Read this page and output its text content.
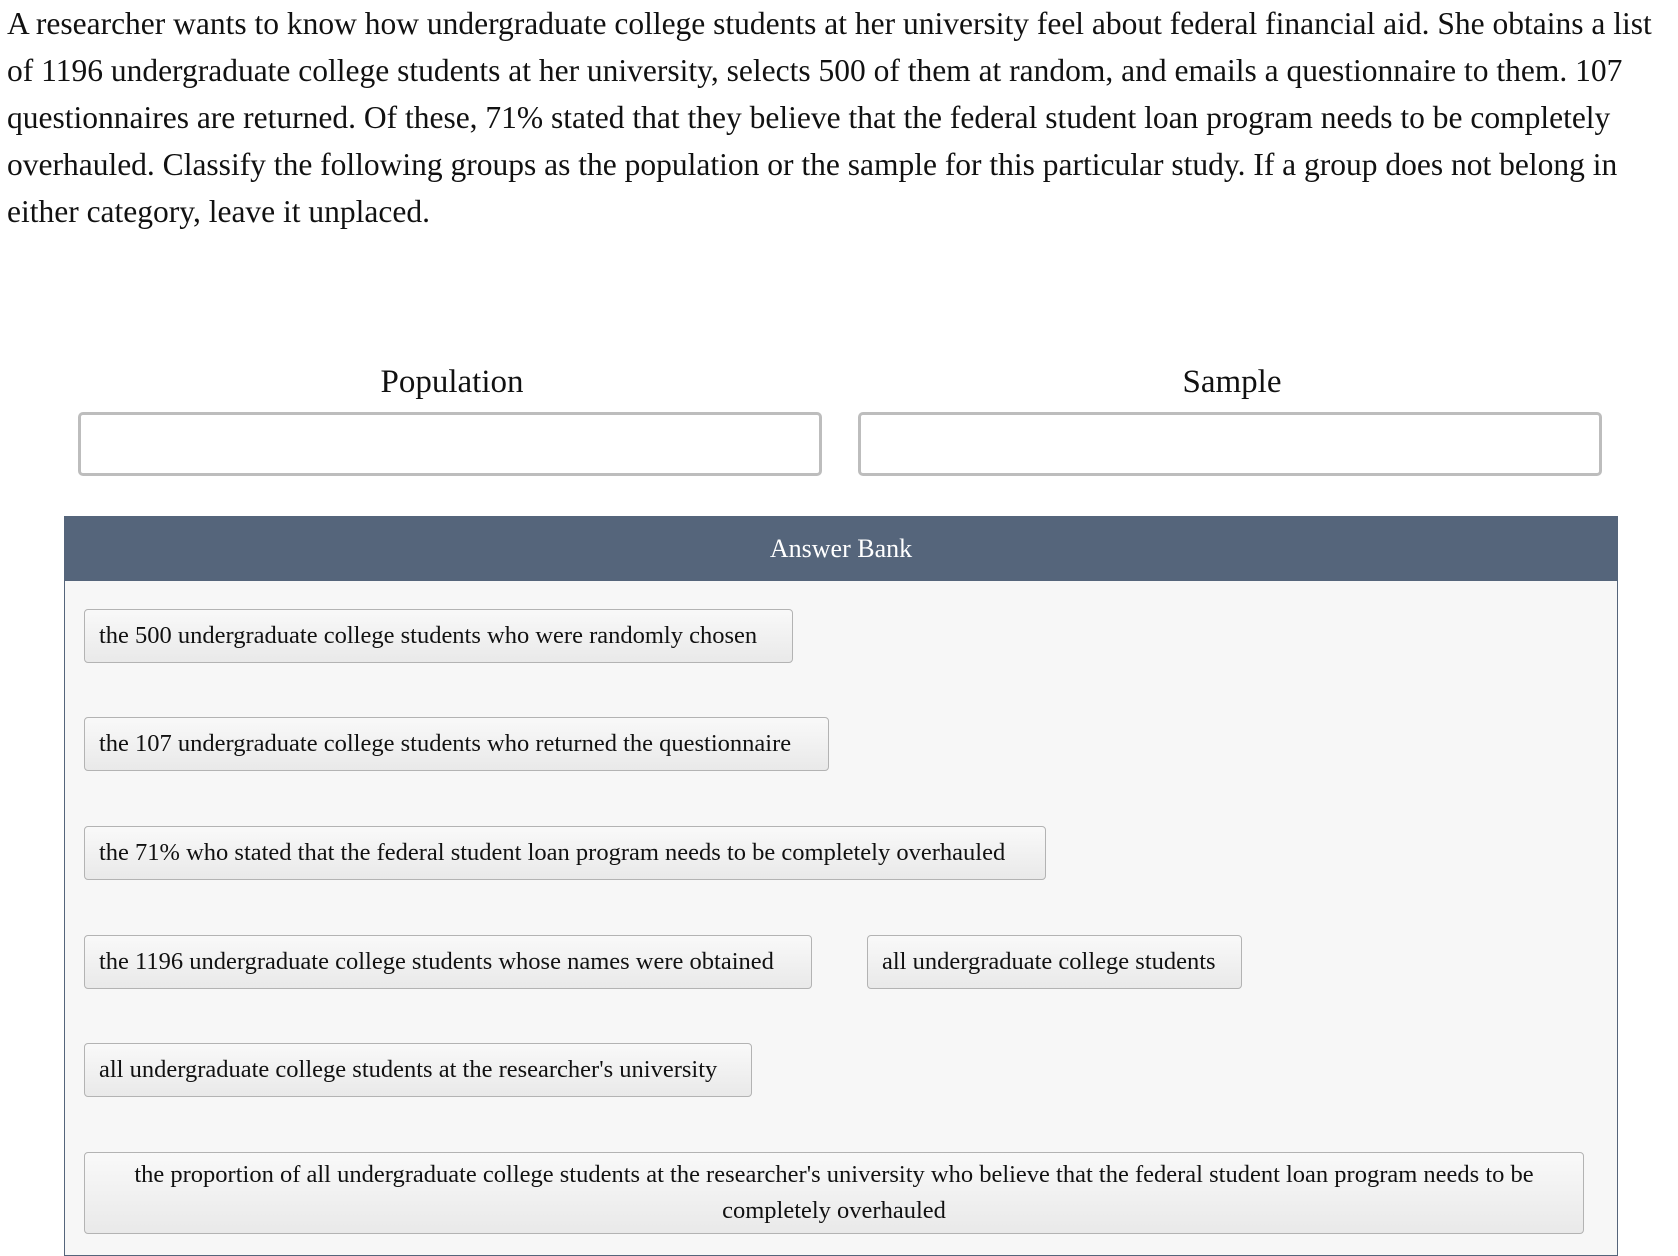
A researcher wants to know how undergraduate college students at her university feel about federal financial aid. She obtains a list of 1196 undergraduate college students at her university, selects 500 of them at random, and emails a questionnaire to them. 107 questionnaires are returned. Of these, 71% stated that they believe that the federal student loan program needs to be completely overhauled. Classify the following groups as the population or the sample for this particular study. If a group does not belong in either category, leave it unplaced.

Population	Sample
Answer Bank
the 500 undergraduate college students who were randomly chosen
the 107 undergraduate college students who returned the questionnaire
the 71% who stated that the federal student loan program needs to be completely overhauled
the 1196 undergraduate college students whose names were obtained	all undergraduate college students
all undergraduate college students at the researcher's university
the proportion of all undergraduate college students at the researcher's university who believe that the federal student loan program needs to be completely overhauled
